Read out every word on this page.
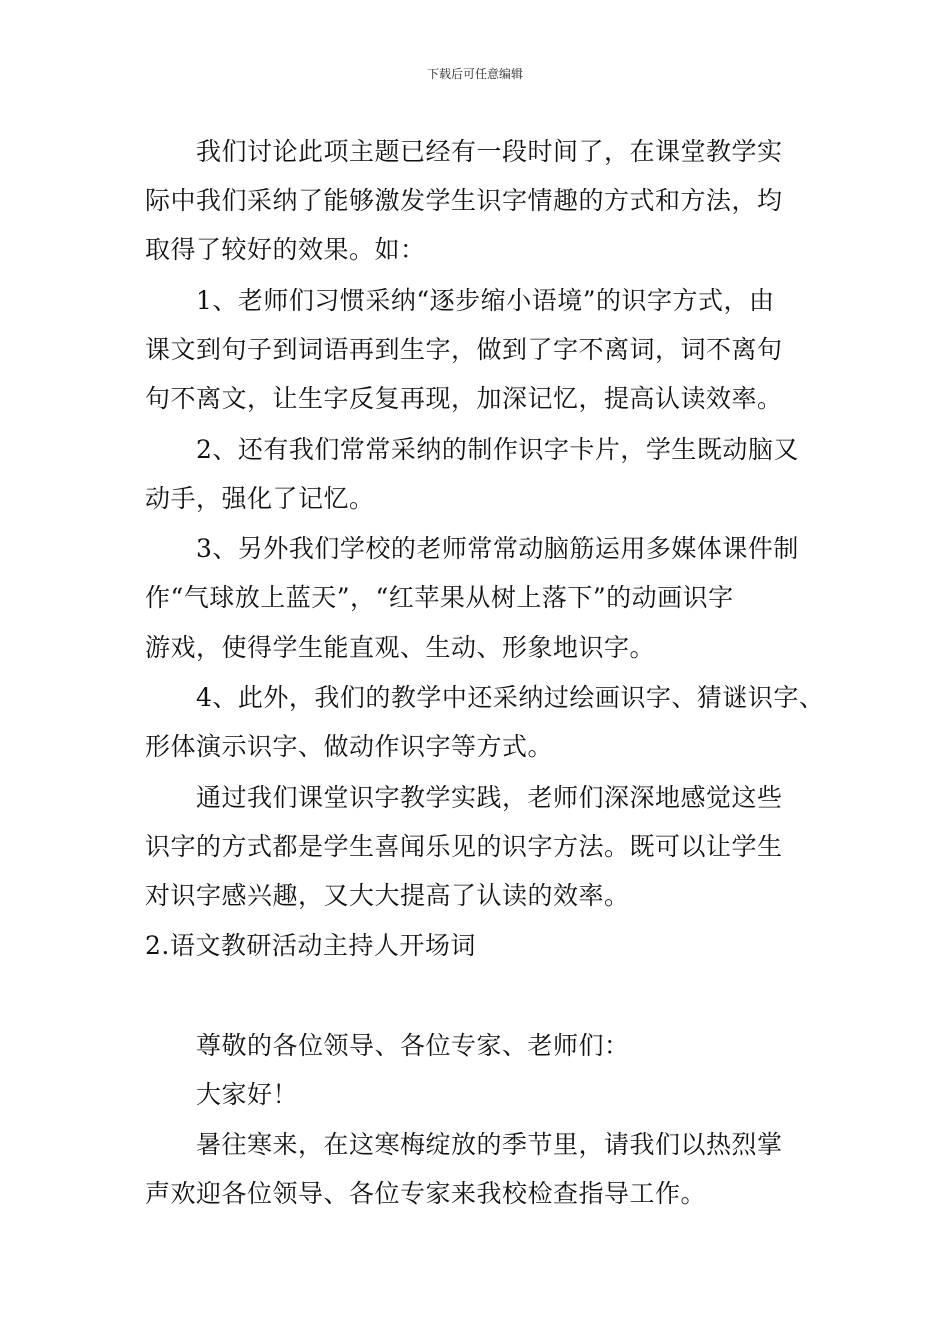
下载后可任意编辑
我们讨论此项主题已经有一段时间了，在课堂教学实
际中我们采纳了能够激发学生识字情趣的方式和方法，均
取得了较好的效果。如：
1、老师们习惯采纳“逐步缩小语境”的识字方式，由
课文到句子到词语再到生字，做到了字不离词，词不离句
句不离文，让生字反复再现，加深记忆，提高认读效率。
2、还有我们常常采纳的制作识字卡片，学生既动脑又
动手，强化了记忆。
3、另外我们学校的老师常常动脑筋运用多媒体课件制
作“气球放上蓝天”，“红苹果从树上落下”的动画识字
游戏，使得学生能直观、生动、形象地识字。
4、此外，我们的教学中还采纳过绘画识字、猜谜识字、
形体演示识字、做动作识字等方式。
通过我们课堂识字教学实践，老师们深深地感觉这些
识字的方式都是学生喜闻乐见的识字方法。既可以让学生
对识字感兴趣，又大大提高了认读的效率。
2.语文教研活动主持人开场词
尊敬的各位领导、各位专家、老师们：
大家好！
暑往寒来，在这寒梅绽放的季节里，请我们以热烈掌
声欢迎各位领导、各位专家来我校检查指导工作。
